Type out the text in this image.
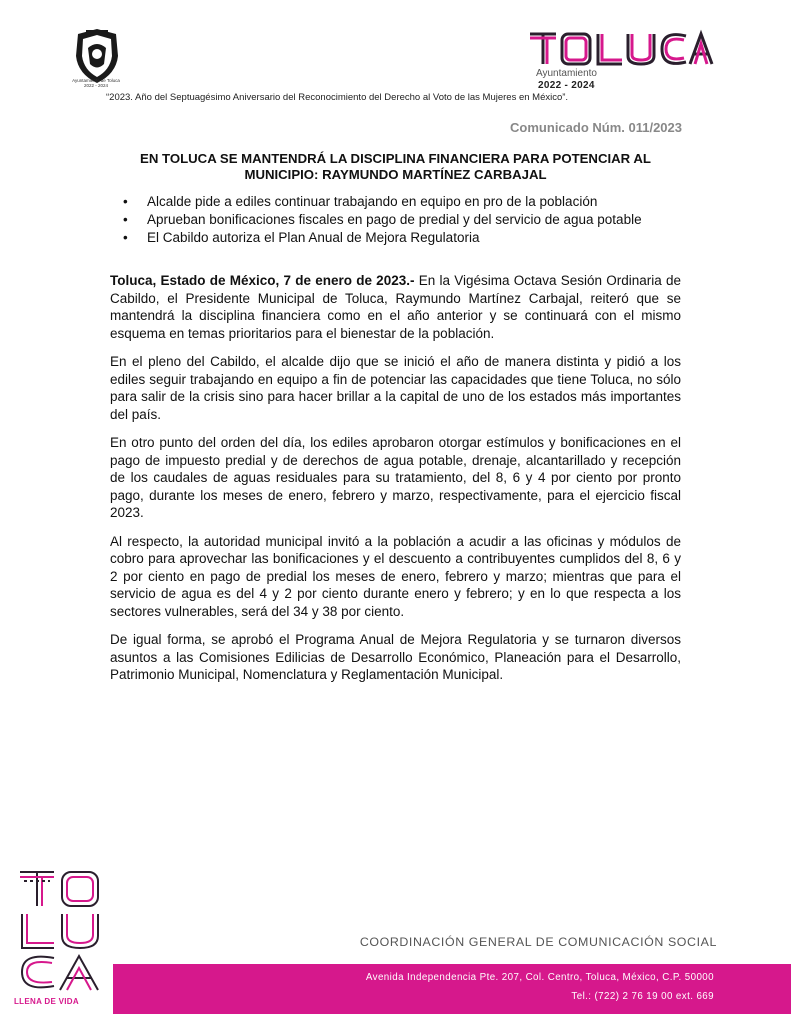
Ayuntamiento de Toluca
2022 - 2024
Ayuntamiento
2022 - 2024
“2023. Año del Septuagésimo Aniversario del Reconocimiento del Derecho al Voto de las Mujeres en México”.
Comunicado Núm. 011/2023
EN TOLUCA SE MANTENDRÁ LA DISCIPLINA FINANCIERA PARA POTENCIAR AL MUNICIPIO: RAYMUNDO MARTÍNEZ CARBAJAL
• Alcalde pide a ediles continuar trabajando en equipo en pro de la población
• Aprueban bonificaciones fiscales en pago de predial y del servicio de agua potable
• El Cabildo autoriza el Plan Anual de Mejora Regulatoria

Toluca, Estado de México, 7 de enero de 2023.- En la Vigésima Octava Sesión Ordinaria de Cabildo, el Presidente Municipal de Toluca, Raymundo Martínez Carbajal, reiteró que se mantendrá la disciplina financiera como en el año anterior y se continuará con el mismo esquema en temas prioritarios para el bienestar de la población.

En el pleno del Cabildo, el alcalde dijo que se inició el año de manera distinta y pidió a los ediles seguir trabajando en equipo a fin de potenciar las capacidades que tiene Toluca, no sólo para salir de la crisis sino para hacer brillar a la capital de uno de los estados más importantes del país.

En otro punto del orden del día, los ediles aprobaron otorgar estímulos y bonificaciones en el pago de impuesto predial y de derechos de agua potable, drenaje, alcantarillado y recepción de los caudales de aguas residuales para su tratamiento, del 8, 6 y 4 por ciento por pronto pago, durante los meses de enero, febrero y marzo, respectivamente, para el ejercicio fiscal 2023.

Al respecto, la autoridad municipal invitó a la población a acudir a las oficinas y módulos de cobro para aprovechar las bonificaciones y el descuento a contribuyentes cumplidos del 8, 6 y 2 por ciento en pago de predial los meses de enero, febrero y marzo; mientras que para el servicio de agua es del 4 y 2 por ciento durante enero y febrero; y en lo que respecta a los sectores vulnerables, será del 34 y 38 por ciento.

De igual forma, se aprobó el Programa Anual de Mejora Regulatoria y se turnaron diversos asuntos a las Comisiones Edilicias de Desarrollo Económico, Planeación para el Desarrollo, Patrimonio Municipal, Nomenclatura y Reglamentación Municipal.

LLENA DE VIDA
COORDINACIÓN GENERAL DE COMUNICACIÓN SOCIAL
Avenida Independencia Pte. 207, Col. Centro, Toluca, México, C.P. 50000
Tel.: (722) 2 76 19 00 ext. 669
